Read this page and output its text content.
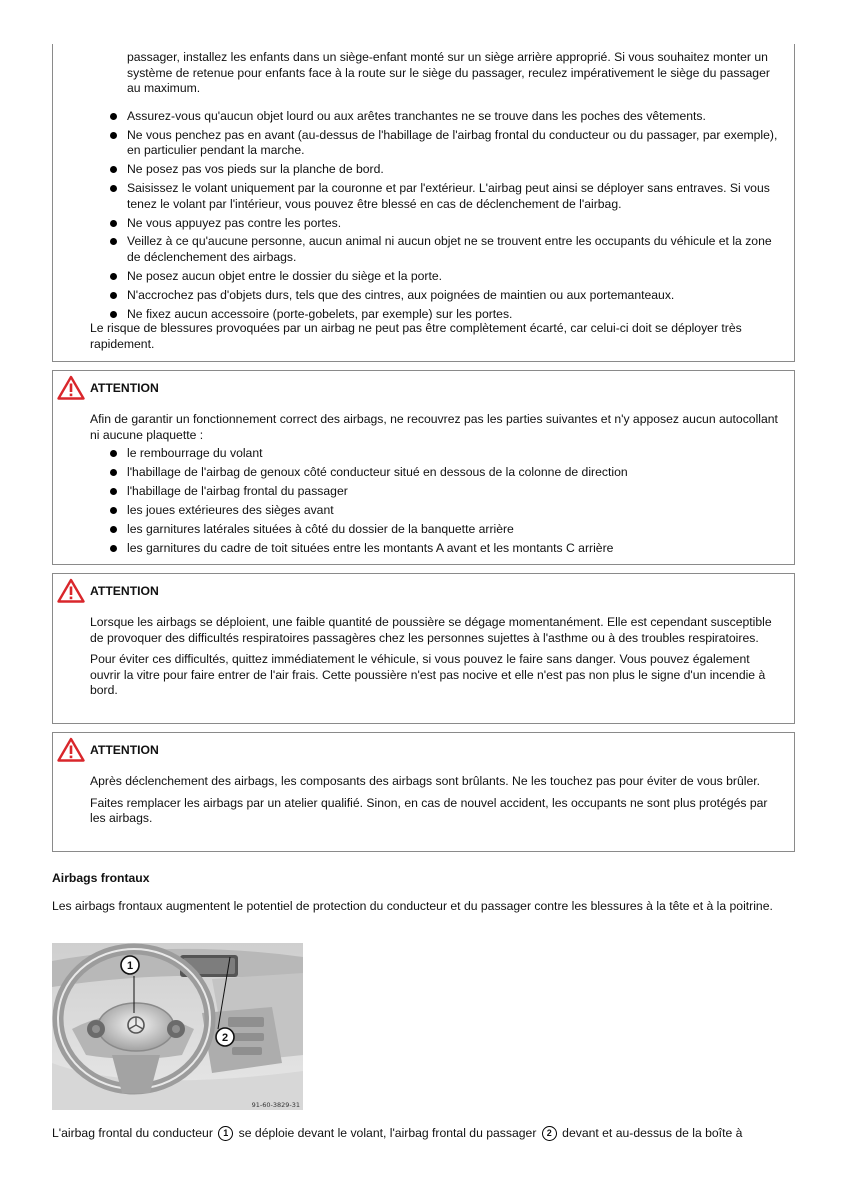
passager, installez les enfants dans un siège-enfant monté sur un siège arrière approprié. Si vous souhaitez monter un système de retenue pour enfants face à la route sur le siège du passager, reculez impérativement le siège du passager au maximum.

Assurez-vous qu'aucun objet lourd ou aux arêtes tranchantes ne se trouve dans les poches des vêtements.
Ne vous penchez pas en avant (au-dessus de l'habillage de l'airbag frontal du conducteur ou du passager, par exemple), en particulier pendant la marche.
Ne posez pas vos pieds sur la planche de bord.
Saisissez le volant uniquement par la couronne et par l'extérieur. L'airbag peut ainsi se déployer sans entraves. Si vous tenez le volant par l'intérieur, vous pouvez être blessé en cas de déclenchement de l'airbag.
Ne vous appuyez pas contre les portes.
Veillez à ce qu'aucune personne, aucun animal ni aucun objet ne se trouvent entre les occupants du véhicule et la zone de déclenchement des airbags.
Ne posez aucun objet entre le dossier du siège et la porte.
N'accrochez pas d'objets durs, tels que des cintres, aux poignées de maintien ou aux portemanteaux.
Ne fixez aucun accessoire (porte-gobelets, par exemple) sur les portes.

Le risque de blessures provoquées par un airbag ne peut pas être complètement écarté, car celui-ci doit se déployer très rapidement.

ATTENTION

Afin de garantir un fonctionnement correct des airbags, ne recouvrez pas les parties suivantes et n'y apposez aucun autocollant ni aucune plaquette :

le rembourrage du volant
l'habillage de l'airbag de genoux côté conducteur situé en dessous de la colonne de direction
l'habillage de l'airbag frontal du passager
les joues extérieures des sièges avant
les garnitures latérales situées à côté du dossier de la banquette arrière
les garnitures du cadre de toit situées entre les montants A avant et les montants C arrière
ATTENTION

Lorsque les airbags se déploient, une faible quantité de poussière se dégage momentanément. Elle est cependant susceptible de provoquer des difficultés respiratoires passagères chez les personnes sujettes à l'asthme ou à des troubles respiratoires.

Pour éviter ces difficultés, quittez immédiatement le véhicule, si vous pouvez le faire sans danger. Vous pouvez également ouvrir la vitre pour faire entrer de l'air frais. Cette poussière n'est pas nocive et elle n'est pas non plus le signe d'un incendie à bord.

ATTENTION

Après déclenchement des airbags, les composants des airbags sont brûlants. Ne les touchez pas pour éviter de vous brûler.

Faites remplacer les airbags par un atelier qualifié. Sinon, en cas de nouvel accident, les occupants ne sont plus protégés par les airbags.

Airbags frontaux

Les airbags frontaux augmentent le potentiel de protection du conducteur et du passager contre les blessures à la tête et à la poitrine.

1
2
91-60-3829-31

L'airbag frontal du conducteur 1 se déploie devant le volant, l'airbag frontal du passager 2 devant et au-dessus de la boîte à
